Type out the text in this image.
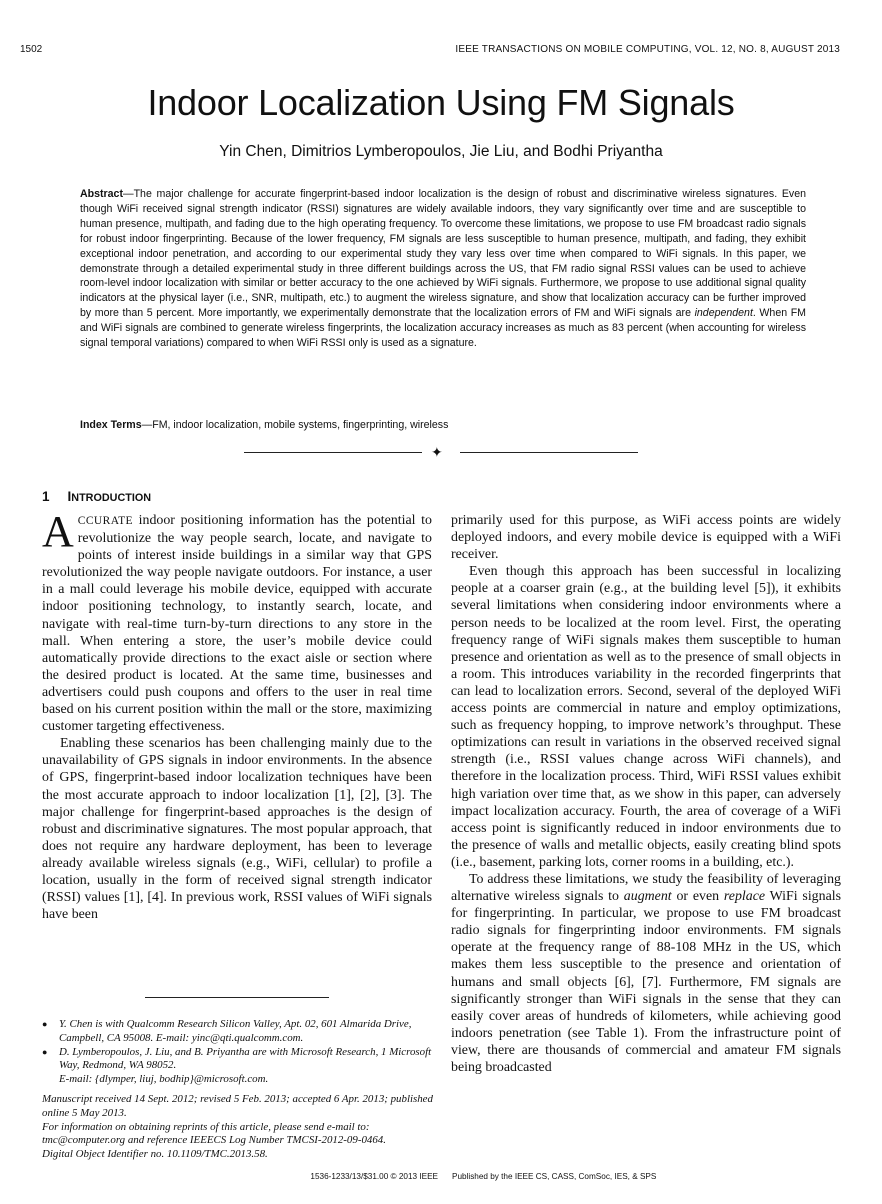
1502	IEEE TRANSACTIONS ON MOBILE COMPUTING, VOL. 12, NO. 8, AUGUST 2013
Indoor Localization Using FM Signals
Yin Chen, Dimitrios Lymberopoulos, Jie Liu, and Bodhi Priyantha
Abstract—The major challenge for accurate fingerprint-based indoor localization is the design of robust and discriminative wireless signatures. Even though WiFi received signal strength indicator (RSSI) signatures are widely available indoors, they vary significantly over time and are susceptible to human presence, multipath, and fading due to the high operating frequency. To overcome these limitations, we propose to use FM broadcast radio signals for robust indoor fingerprinting. Because of the lower frequency, FM signals are less susceptible to human presence, multipath, and fading, they exhibit exceptional indoor penetration, and according to our experimental study they vary less over time when compared to WiFi signals. In this paper, we demonstrate through a detailed experimental study in three different buildings across the US, that FM radio signal RSSI values can be used to achieve room-level indoor localization with similar or better accuracy to the one achieved by WiFi signals. Furthermore, we propose to use additional signal quality indicators at the physical layer (i.e., SNR, multipath, etc.) to augment the wireless signature, and show that localization accuracy can be further improved by more than 5 percent. More importantly, we experimentally demonstrate that the localization errors of FM and WiFi signals are independent. When FM and WiFi signals are combined to generate wireless fingerprints, the localization accuracy increases as much as 83 percent (when accounting for wireless signal temporal variations) compared to when WiFi RSSI only is used as a signature.
Index Terms—FM, indoor localization, mobile systems, fingerprinting, wireless
✦
1 INTRODUCTION

ACCURATE indoor positioning information has the potential to revolutionize the way people search, locate, and navigate to points of interest inside buildings in a similar way that GPS revolutionized the way people navigate outdoors. For instance, a user in a mall could leverage his mobile device, equipped with accurate indoor positioning technology, to instantly search, locate, and navigate with real-time turn-by-turn directions to any store in the mall. When entering a store, the user’s mobile device could automatically provide directions to the exact aisle or section where the desired product is located. At the same time, businesses and advertisers could push coupons and offers to the user in real time based on his current position within the mall or the store, maximizing customer targeting effectiveness.

Enabling these scenarios has been challenging mainly due to the unavailability of GPS signals in indoor environments. In the absence of GPS, fingerprint-based indoor localization techniques have been the most accurate approach to indoor localization [1], [2], [3]. The major challenge for fingerprint-based approaches is the design of robust and discriminative signatures. The most popular approach, that does not require any hardware deployment, has been to leverage already available wireless signals (e.g., WiFi, cellular) to profile a location, usually in the form of received signal strength indicator (RSSI) values [1], [4]. In previous work, RSSI values of WiFi signals have been

primarily used for this purpose, as WiFi access points are widely deployed indoors, and every mobile device is equipped with a WiFi receiver.

Even though this approach has been successful in localizing people at a coarser grain (e.g., at the building level [5]), it exhibits several limitations when considering indoor environments where a person needs to be localized at the room level. First, the operating frequency range of WiFi signals makes them susceptible to human presence and orientation as well as to the presence of small objects in a room. This introduces variability in the recorded fingerprints that can lead to localization errors. Second, several of the deployed WiFi access points are commercial in nature and employ optimizations, such as frequency hopping, to improve network’s throughput. These optimizations can result in variations in the observed received signal strength (i.e., RSSI values change across WiFi channels), and therefore in the localization process. Third, WiFi RSSI values exhibit high variation over time that, as we show in this paper, can adversely impact localization accuracy. Fourth, the area of coverage of a WiFi access point is significantly reduced in indoor environments due to the presence of walls and metallic objects, easily creating blind spots (i.e., basement, parking lots, corner rooms in a building, etc.).

To address these limitations, we study the feasibility of leveraging alternative wireless signals to augment or even replace WiFi signals for fingerprinting. In particular, we propose to use FM broadcast radio signals for fingerprinting indoor environments. FM signals operate at the frequency range of 88-108 MHz in the US, which makes them less susceptible to the presence and orientation of humans and small objects [6], [7]. Furthermore, FM signals are significantly stronger than WiFi signals in the sense that they can easily cover areas of hundreds of kilometers, while achieving good indoors penetration (see Table 1). From the infrastructure point of view, there are thousands of commercial and amateur FM signals being broadcasted

● Y. Chen is with Qualcomm Research Silicon Valley, Apt. 02, 601 Almarida Drive, Campbell, CA 95008. E-mail: yinc@qti.qualcomm.com.
● D. Lymberopoulos, J. Liu, and B. Priyantha are with Microsoft Research, 1 Microsoft Way, Redmond, WA 98052.
E-mail: {dlymper, liuj, bodhip}@microsoft.com.

Manuscript received 14 Sept. 2012; revised 5 Feb. 2013; accepted 6 Apr. 2013; published online 5 May 2013.

For information on obtaining reprints of this article, please send e-mail to: tmc@computer.org and reference IEEECS Log Number TMCSI-2012-09-0464.

Digital Object Identifier no. 10.1109/TMC.2013.58.

1536-1233/13/$31.00 © 2013 IEEE Published by the IEEE CS, CASS, ComSoc, IES, & SPS
